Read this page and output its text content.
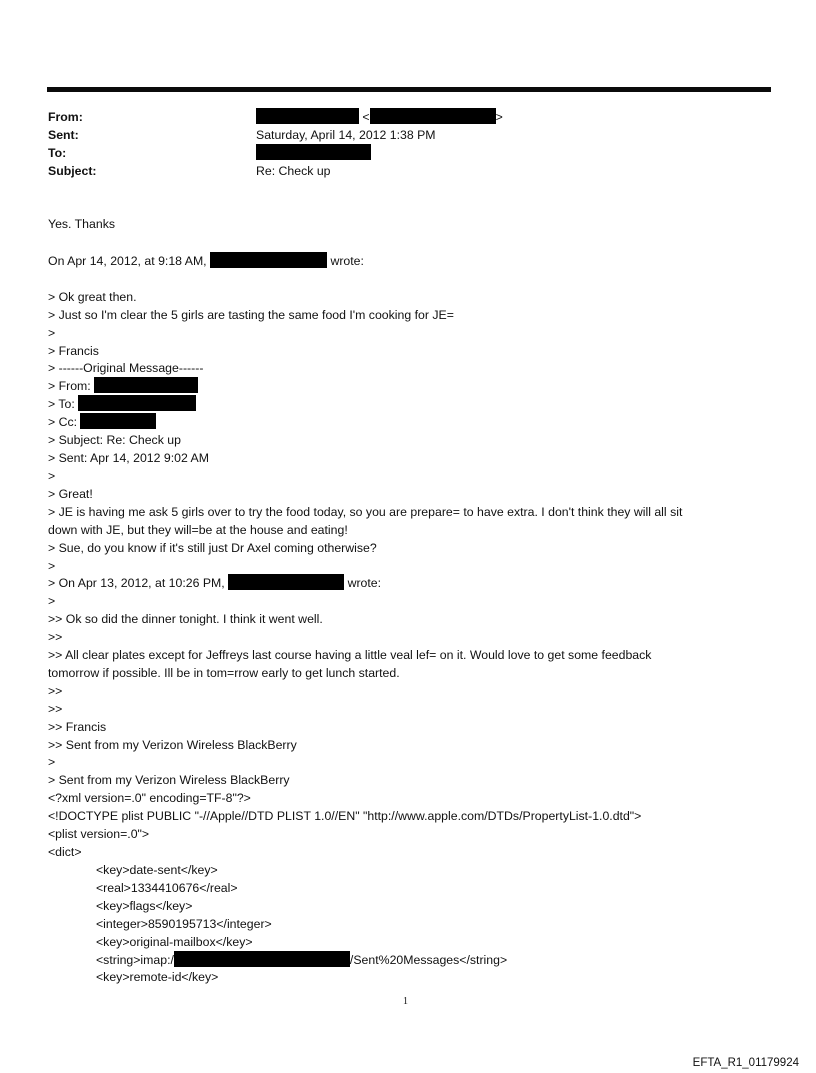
From:	<	>
Sent:	Saturday, April 14, 2012 1:38 PM
To:
Subject:	Re: Check up
Yes. Thanks
On Apr 14, 2012, at 9:18 AM,	wrote:
> Ok great then.
> Just so I'm clear the 5 girls are tasting the same food I'm cooking for JE=
>
> Francis
> ------Original Message------
> From:
> To:
> Cc:
> Subject: Re: Check up
> Sent: Apr 14, 2012 9:02 AM
>
> Great!
> JE is having me ask 5 girls over to try the food today, so you are prepare= to have extra. I don't think they will all sit
down with JE, but they will=be at the house and eating!
> Sue, do you know if it's still just Dr Axel coming otherwise?
>
> On Apr 13, 2012, at 10:26 PM,	wrote:
>
>> Ok so did the dinner tonight. I think it went well.
>>
>> All clear plates except for Jeffreys last course having a little veal lef= on it. Would love to get some feedback
tomorrow if possible. Ill be in tom=rrow early to get lunch started.
>>
>>
>> Francis
>> Sent from my Verizon Wireless BlackBerry
>
> Sent from my Verizon Wireless BlackBerry
<?xml version=.0" encoding=TF-8"?>
<!DOCTYPE plist PUBLIC "-//Apple//DTD PLIST 1.0//EN" "http://www.apple.com/DTDs/PropertyList-1.0.dtd">
<plist version=.0">
<dict>
<key>date-sent</key>
<real>1334410676</real>
<key>flags</key>
<integer>8590195713</integer>
<key>original-mailbox</key>
<string>imap:/	/Sent%20Messages</string>
<key>remote-id</key>
1
EFTA_R1_01179924
